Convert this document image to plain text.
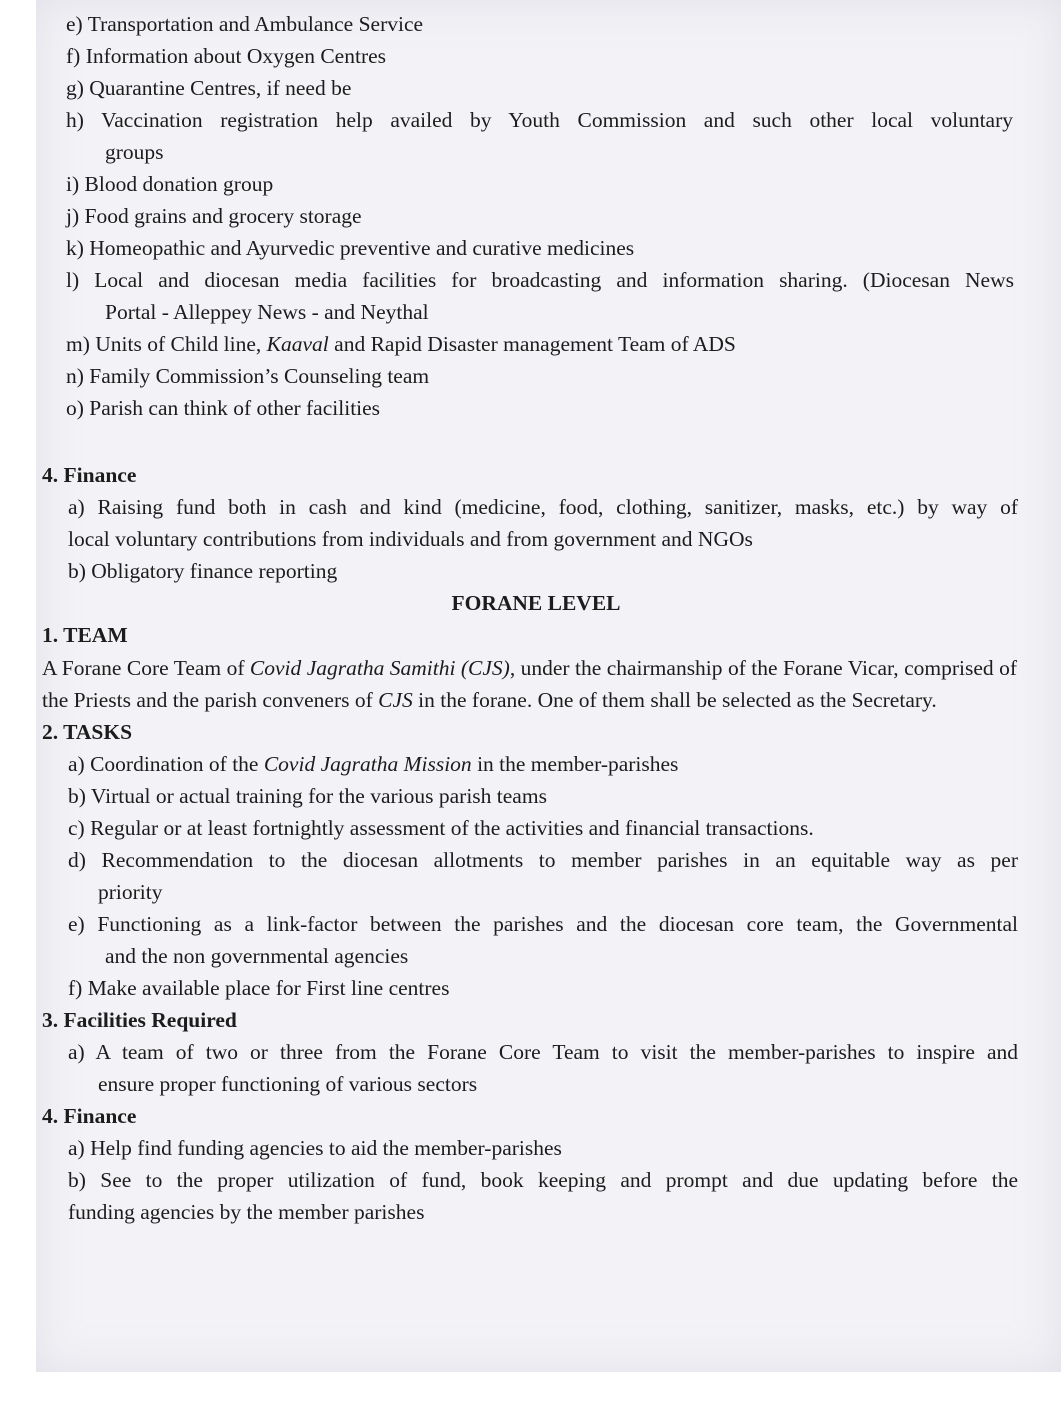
e) Transportation and Ambulance Service
f) Information about Oxygen Centres
g) Quarantine Centres, if need be
h) Vaccination registration help availed by Youth Commission and such other local voluntary
groups
i) Blood donation group
j) Food grains and grocery storage
k) Homeopathic and Ayurvedic preventive and curative medicines
l) Local and diocesan media facilities for broadcasting and information sharing. (Diocesan News
Portal - Alleppey News - and Neythal
m) Units of Child line, Kaaval and Rapid Disaster management Team of ADS
n) Family Commission’s Counseling team
o) Parish can think of other facilities
4. Finance
a) Raising fund both in cash and kind (medicine, food, clothing, sanitizer, masks, etc.) by way of
local voluntary contributions from individuals and from government and NGOs
b) Obligatory finance reporting
FORANE LEVEL
1. TEAM
A Forane Core Team of Covid Jagratha Samithi (CJS), under the chairmanship of the Forane Vicar, comprised of the Priests and the parish conveners of CJS in the forane. One of them shall be selected as the Secretary.
2. TASKS
a) Coordination of the Covid Jagratha Mission in the member-parishes
b) Virtual or actual training for the various parish teams
c) Regular or at least fortnightly assessment of the activities and financial transactions.
d) Recommendation to the diocesan allotments to member parishes in an equitable way as per
priority
e) Functioning as a link-factor between the parishes and the diocesan core team, the Governmental
and the non governmental agencies
f) Make available place for First line centres
3. Facilities Required
a) A team of two or three from the Forane Core Team to visit the member-parishes to inspire and
ensure proper functioning of various sectors
4. Finance
a) Help find funding agencies to aid the member-parishes
b) See to the proper utilization of fund, book keeping and prompt and due updating before the
funding agencies by the member parishes
